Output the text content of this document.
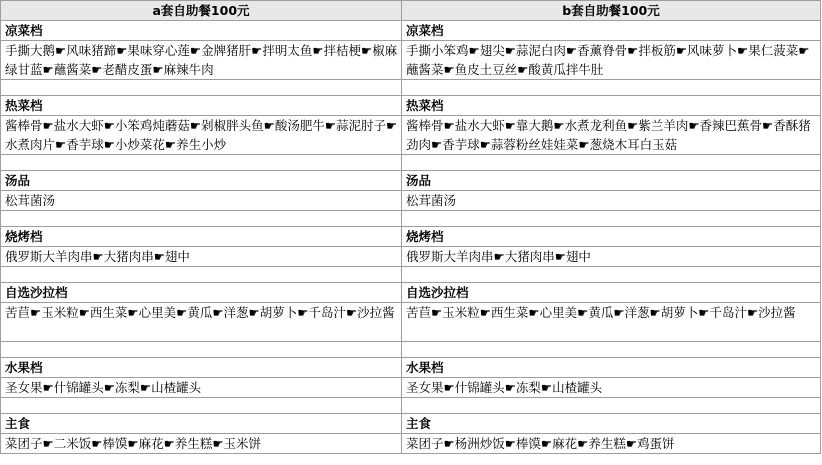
a套自助餐100元	b套自助餐100元
凉菜档	凉菜档
手撕大鹅☛风味猪蹄☛果味穿心莲☛金牌猪肝☛拌明太鱼☛拌桔梗☛椒麻绿甘蓝☛蘸酱菜☛老醋皮蛋☛麻辣牛肉	手撕小笨鸡☛翅尖☛蒜泥白肉☛香薰脊骨☛拌板筋☛风味萝卜☛果仁菠菜☛蘸酱菜☛鱼皮土豆丝☛酸黄瓜拌牛肚

热菜档	热菜档
酱棒骨☛盐水大虾☛小笨鸡炖蘑菇☛剁椒胖头鱼☛酸汤肥牛☛蒜泥肘子☛水煮肉片☛香芋球☛小炒菜花☛养生小炒	酱棒骨☛盐水大虾☛靠大鹅☛水煮龙利鱼☛紫兰羊肉☛香辣巴蕉骨☛香酥猪劲肉☛香芋球☛蒜蓉粉丝娃娃菜☛葱烧木耳白玉菇

汤品	汤品
松茸菌汤	松茸菌汤

烧烤档	烧烤档
俄罗斯大羊肉串☛大猪肉串☛翅中	俄罗斯大羊肉串☛大猪肉串☛翅中

自选沙拉档	自选沙拉档
苦苣☛玉米粒☛西生菜☛心里美☛黄瓜☛洋葱☛胡萝卜☛千岛汁☛沙拉酱	苦苣☛玉米粒☛西生菜☛心里美☛黄瓜☛洋葱☛胡萝卜☛千岛汁☛沙拉酱

水果档	水果档
圣女果☛什锦罐头☛冻梨☛山楂罐头	圣女果☛什锦罐头☛冻梨☛山楂罐头

主食	主食
菜团子☛二米饭☛棒馍☛麻花☛养生糕☛玉米饼	菜团子☛杨洲炒饭☛棒馍☛麻花☛养生糕☛鸡蛋饼
